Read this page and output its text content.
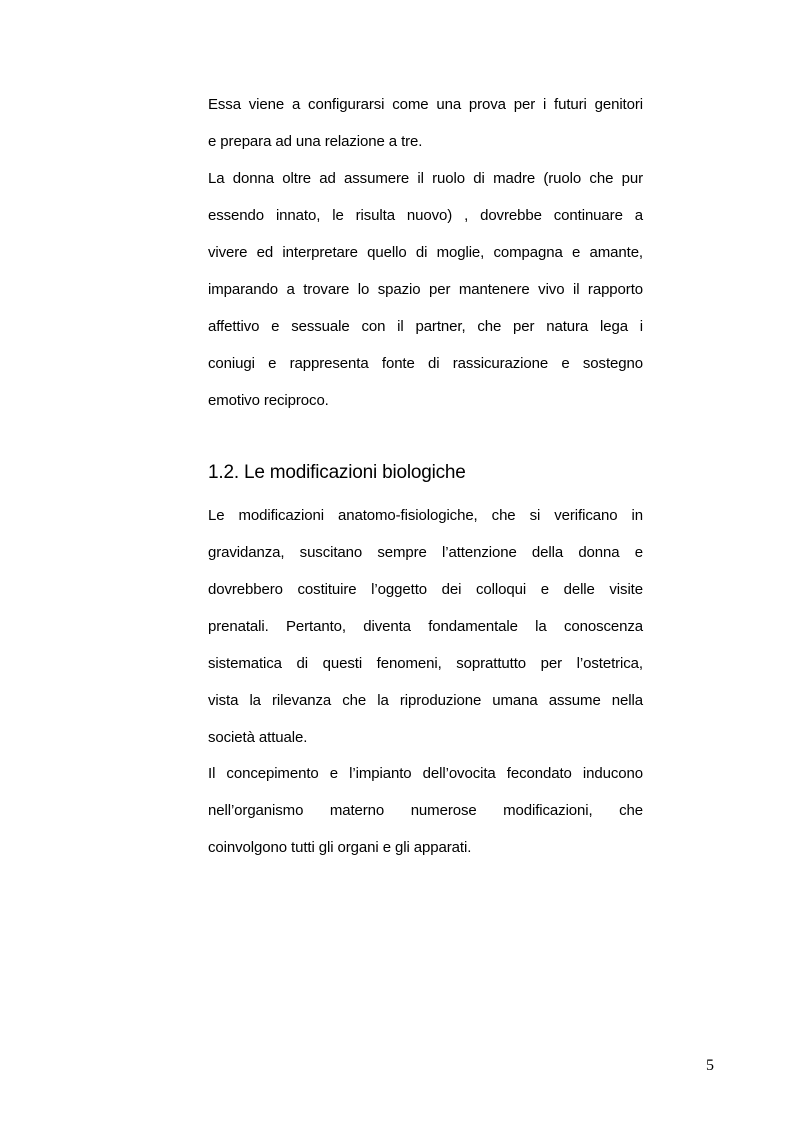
Essa viene a configurarsi come una prova per i futuri genitori
e prepara ad una relazione a tre.
La donna oltre ad assumere il ruolo di madre (ruolo che pur
essendo innato, le risulta nuovo) , dovrebbe continuare a
vivere ed interpretare quello di moglie, compagna e amante,
imparando a trovare lo spazio per mantenere vivo il rapporto
affettivo e sessuale con il partner, che per natura lega i
coniugi e rappresenta fonte di rassicurazione e sostegno
emotivo reciproco.
1.2. Le modificazioni biologiche
Le modificazioni anatomo-fisiologiche, che si verificano in
gravidanza, suscitano sempre l’attenzione della donna e
dovrebbero costituire l’oggetto dei colloqui e delle visite
prenatali. Pertanto, diventa fondamentale la conoscenza
sistematica di questi fenomeni, soprattutto per l’ostetrica,
vista la rilevanza che la riproduzione umana assume nella
società attuale.
Il concepimento e l’impianto dell’ovocita fecondato inducono
nell’organismo materno numerose modificazioni, che
coinvolgono tutti gli organi e gli apparati.
5
